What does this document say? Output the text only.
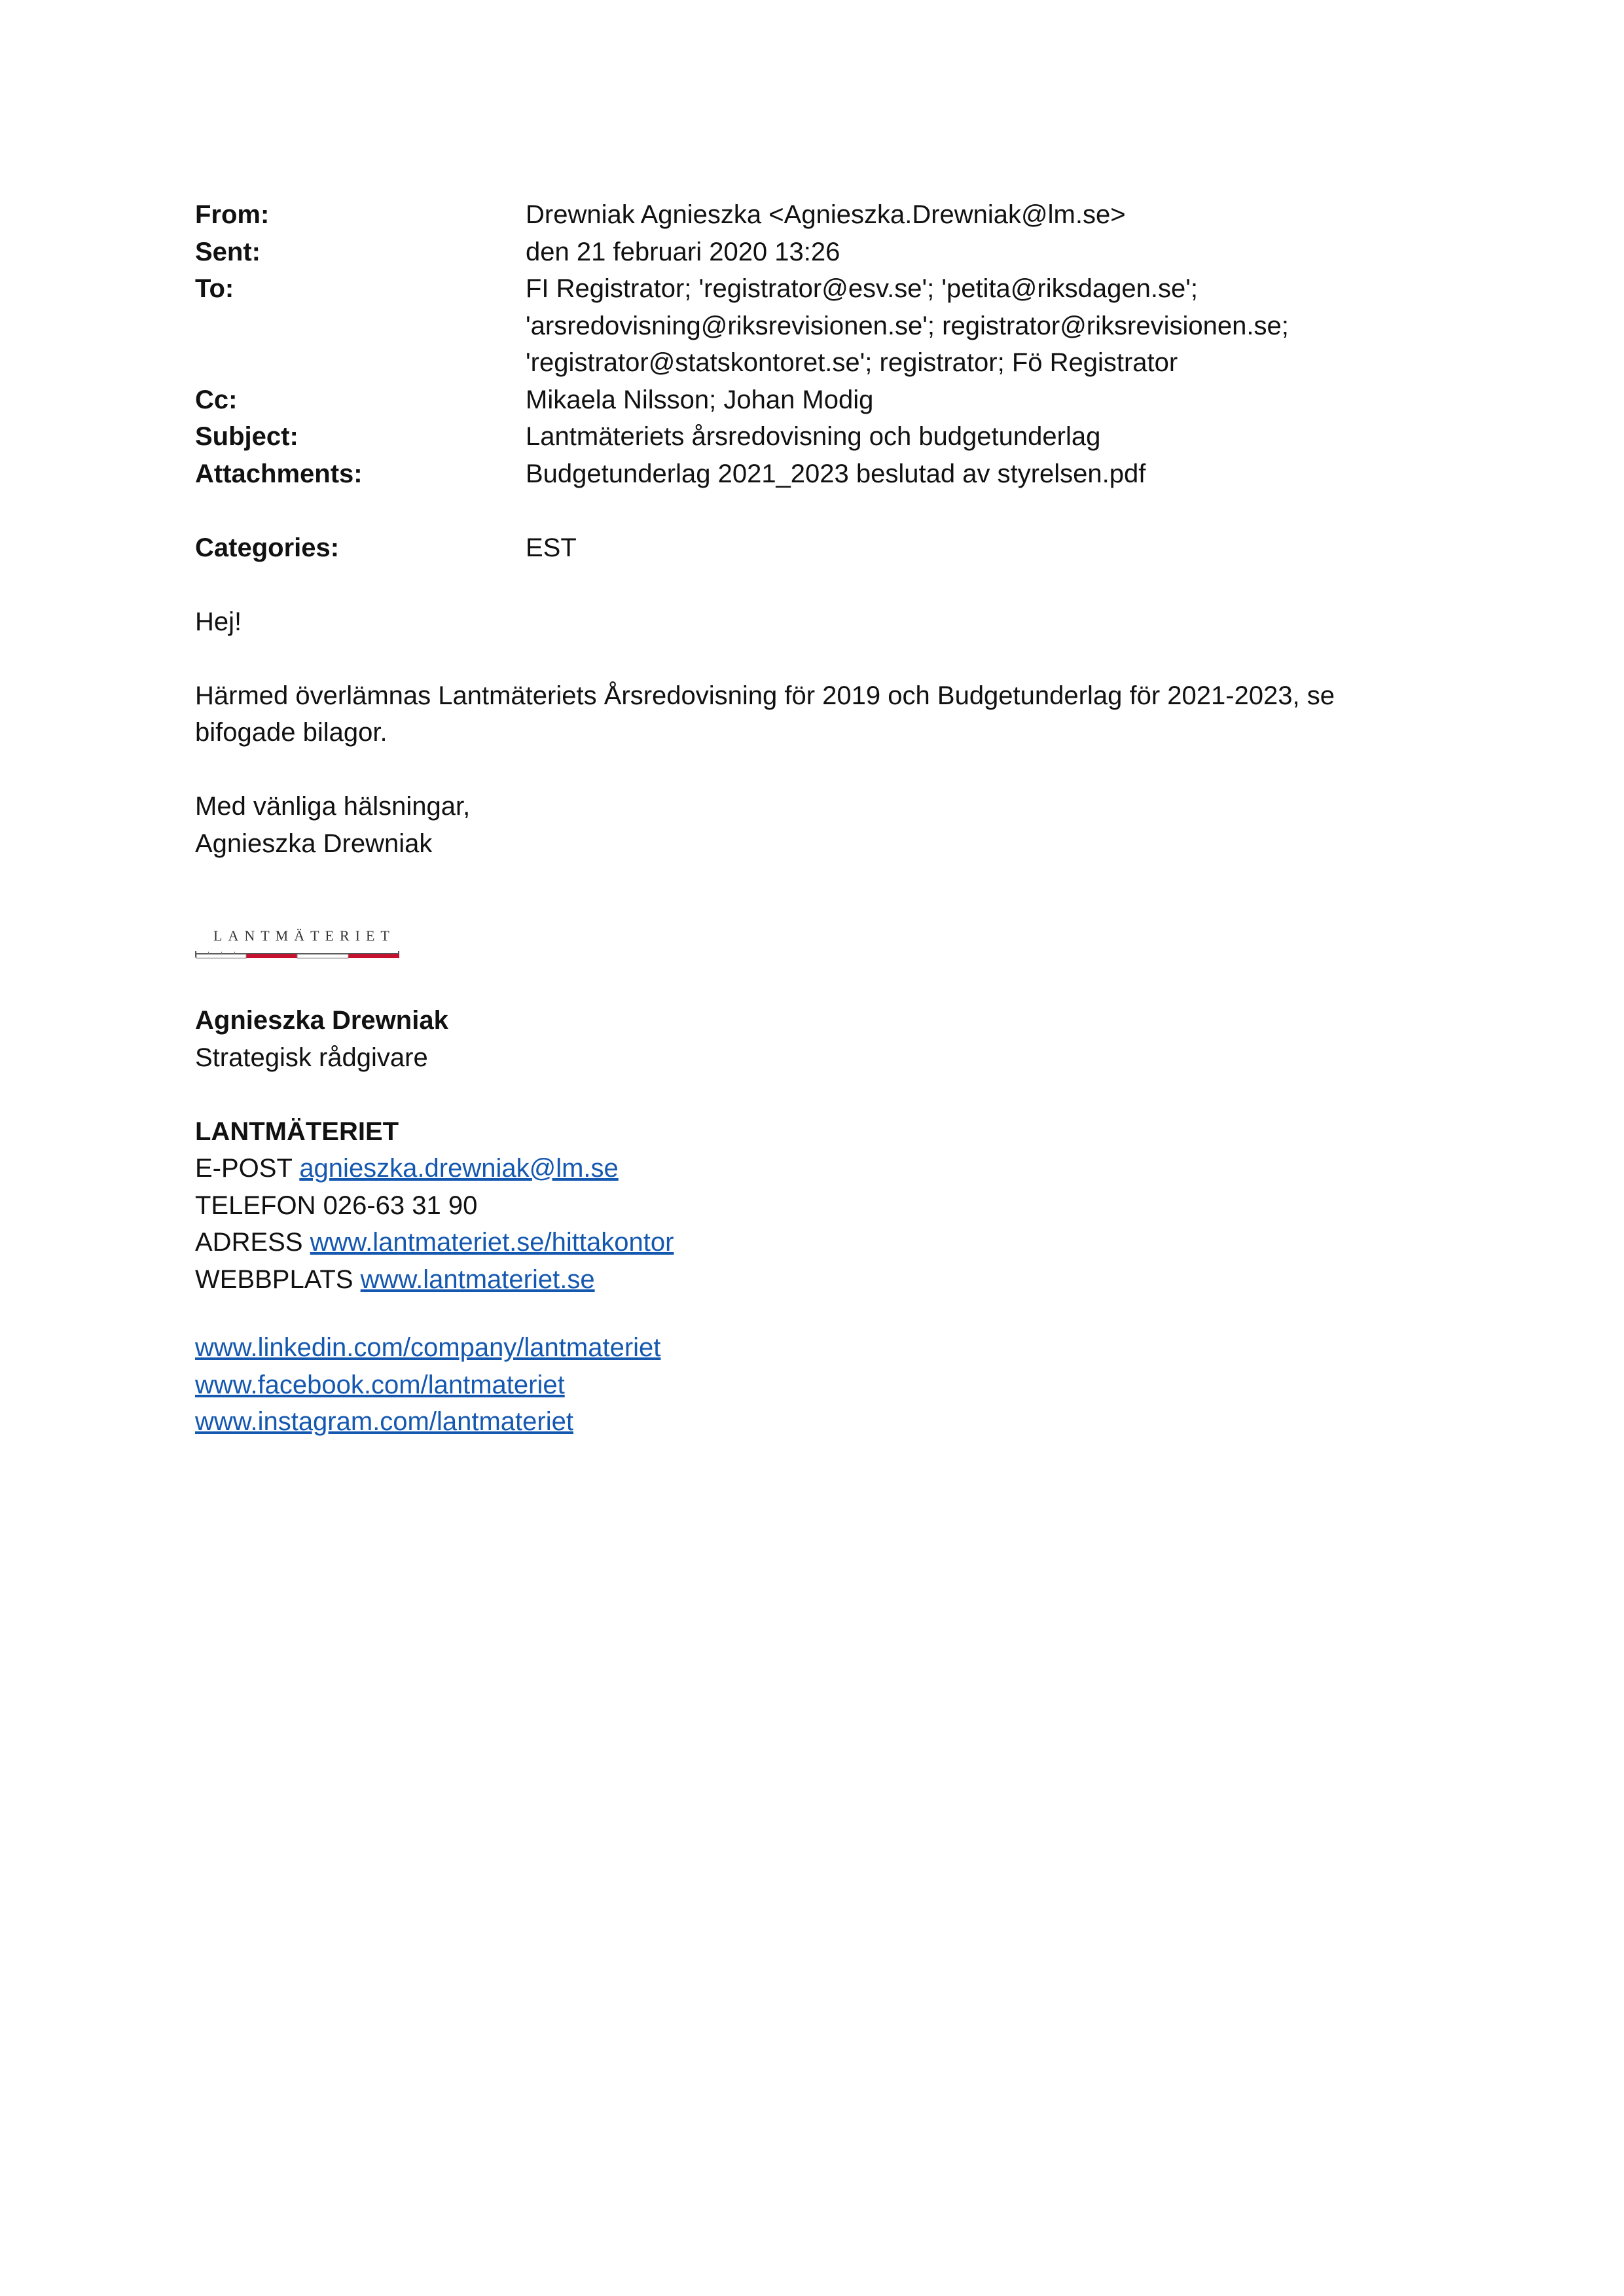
From:	Drewniak Agnieszka <Agnieszka.Drewniak@lm.se>
Sent:	den 21 februari 2020 13:26
To:	FI Registrator; 'registrator@esv.se'; 'petita@riksdagen.se';
'arsredovisning@riksrevisionen.se'; registrator@riksrevisionen.se;
'registrator@statskontoret.se'; registrator; Fö Registrator
Cc:	Mikaela Nilsson; Johan Modig
Subject:	Lantmäteriets årsredovisning och budgetunderlag
Attachments:	Budgetunderlag 2021_2023 beslutad av styrelsen.pdf
Categories:	EST

Hej!

Härmed överlämnas Lantmäteriets Årsredovisning för 2019 och Budgetunderlag för 2021-2023, se
bifogade bilagor.

Med vänliga hälsningar,
Agnieszka Drewniak

LANTMÄTERIET
Agnieszka Drewniak
Strategisk rådgivare
LANTMÄTERIET
E-POST agnieszka.drewniak@lm.se
TELEFON 026-63 31 90
ADRESS www.lantmateriet.se/hittakontor
WEBBPLATS www.lantmateriet.se
www.linkedin.com/company/lantmateriet
www.facebook.com/lantmateriet
www.instagram.com/lantmateriet
